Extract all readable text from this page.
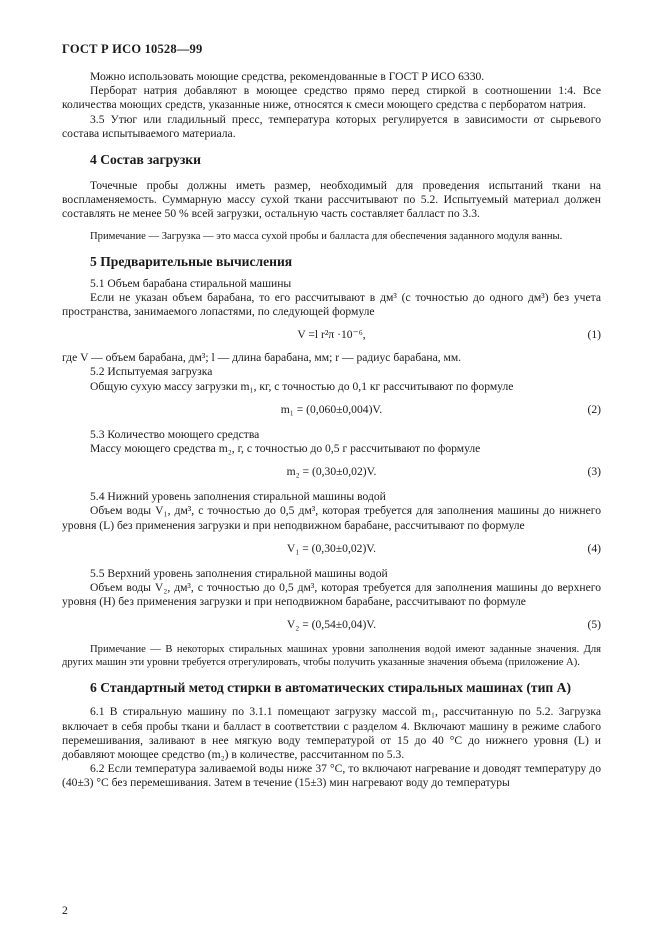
ГОСТ Р ИСО 10528—99

Можно использовать моющие средства, рекомендованные в ГОСТ Р ИСО 6330.

Перборат натрия добавляют в моющее средство прямо перед стиркой в соотношении 1:4. Все количества моющих средств, указанные ниже, относятся к смеси моющего средства с перборатом натрия.

3.5 Утюг или гладильный пресс, температура которых регулируется в зависимости от сырьевого состава испытываемого материала.

4 Состав загрузки

Точечные пробы должны иметь размер, необходимый для проведения испытаний ткани на воспламеняемость. Суммарную массу сухой ткани рассчитывают по 5.2. Испытуемый материал должен составлять не менее 50 % всей загрузки, остальную часть составляет балласт по 3.3.

Примечание — Загрузка — это масса сухой пробы и балласта для обеспечения заданного модуля ванны.

5 Предварительные вычисления

5.1 Объем барабана стиральной машины

Если не указан объем барабана, то его рассчитывают в дм³ (с точностью до одного дм³) без учета пространства, занимаемого лопастями, по следующей формуле

V =l r²π ·10⁻⁶,	(1)

где V — объем барабана, дм³; l — длина барабана, мм; r — радиус барабана, мм.

5.2 Испытуемая загрузка

Общую сухую массу загрузки m₁, кг, с точностью до 0,1 кг рассчитывают по формуле

m₁ = (0,060±0,004)V.	(2)

5.3 Количество моющего средства

Массу моющего средства m₂, г, с точностью до 0,5 г рассчитывают по формуле

m₂ = (0,30±0,02)V.	(3)

5.4 Нижний уровень заполнения стиральной машины водой

Объем воды V₁, дм³, с точностью до 0,5 дм³, которая требуется для заполнения машины до нижнего уровня (L) без применения загрузки и при неподвижном барабане, рассчитывают по формуле

V₁ = (0,30±0,02)V.	(4)

5.5 Верхний уровень заполнения стиральной машины водой

Объем воды V₂, дм³, с точностью до 0,5 дм³, которая требуется для заполнения машины до верхнего уровня (H) без применения загрузки и при неподвижном барабане, рассчитывают по формуле

V₂ = (0,54±0,04)V.	(5)

Примечание — В некоторых стиральных машинах уровни заполнения водой имеют заданные значения. Для других машин эти уровни требуется отрегулировать, чтобы получить указанные значения объема (приложение А).

6 Стандартный метод стирки в автоматических стиральных машинах (тип А)

6.1 В стиральную машину по 3.1.1 помещают загрузку массой m₁, рассчитанную по 5.2. Загрузка включает в себя пробы ткани и балласт в соответствии с разделом 4. Включают машину в режиме слабого перемешивания, заливают в нее мягкую воду температурой от 15 до 40 °С до нижнего уровня (L) и добавляют моющее средство (m₂) в количестве, рассчитанном по 5.3.

6.2 Если температура заливаемой воды ниже 37 °С, то включают нагревание и доводят температуру до (40±3) °С без перемешивания. Затем в течение (15±3) мин нагревают воду до температуры

2
